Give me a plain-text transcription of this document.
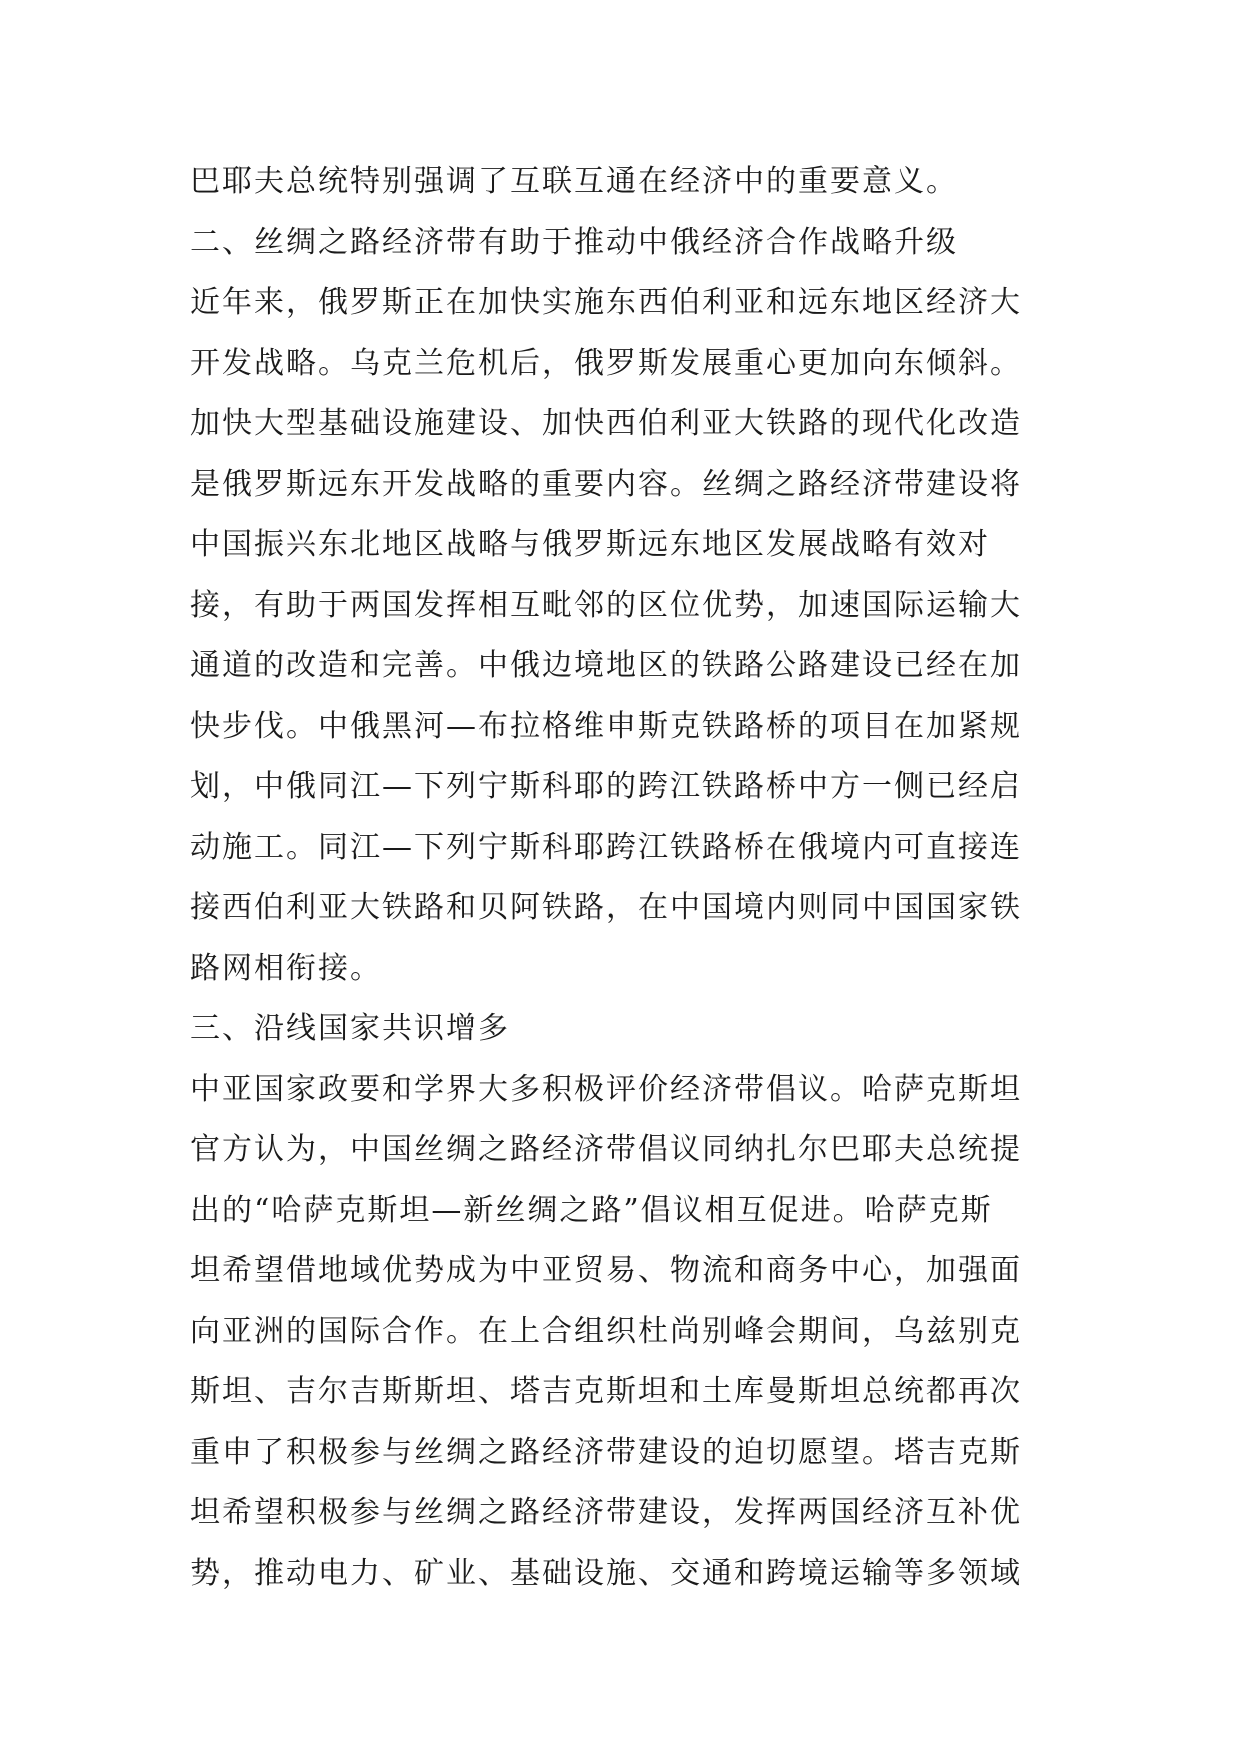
巴耶夫总统特别强调了互联互通在经济中的重要意义。
二、丝绸之路经济带有助于推动中俄经济合作战略升级
近年来，俄罗斯正在加快实施东西伯利亚和远东地区经济大
开发战略。乌克兰危机后，俄罗斯发展重心更加向东倾斜。
加快大型基础设施建设、加快西伯利亚大铁路的现代化改造
是俄罗斯远东开发战略的重要内容。丝绸之路经济带建设将
中国振兴东北地区战略与俄罗斯远东地区发展战略有效对
接，有助于两国发挥相互毗邻的区位优势，加速国际运输大
通道的改造和完善。中俄边境地区的铁路公路建设已经在加
快步伐。中俄黑河—布拉格维申斯克铁路桥的项目在加紧规
划，中俄同江—下列宁斯科耶的跨江铁路桥中方一侧已经启
动施工。同江—下列宁斯科耶跨江铁路桥在俄境内可直接连
接西伯利亚大铁路和贝阿铁路，在中国境内则同中国国家铁
路网相衔接。
三、沿线国家共识增多
中亚国家政要和学界大多积极评价经济带倡议。哈萨克斯坦
官方认为，中国丝绸之路经济带倡议同纳扎尔巴耶夫总统提
出的“哈萨克斯坦—新丝绸之路”倡议相互促进。哈萨克斯
坦希望借地域优势成为中亚贸易、物流和商务中心，加强面
向亚洲的国际合作。在上合组织杜尚别峰会期间，乌兹别克
斯坦、吉尔吉斯斯坦、塔吉克斯坦和土库曼斯坦总统都再次
重申了积极参与丝绸之路经济带建设的迫切愿望。塔吉克斯
坦希望积极参与丝绸之路经济带建设，发挥两国经济互补优
势，推动电力、矿业、基础设施、交通和跨境运输等多领域
